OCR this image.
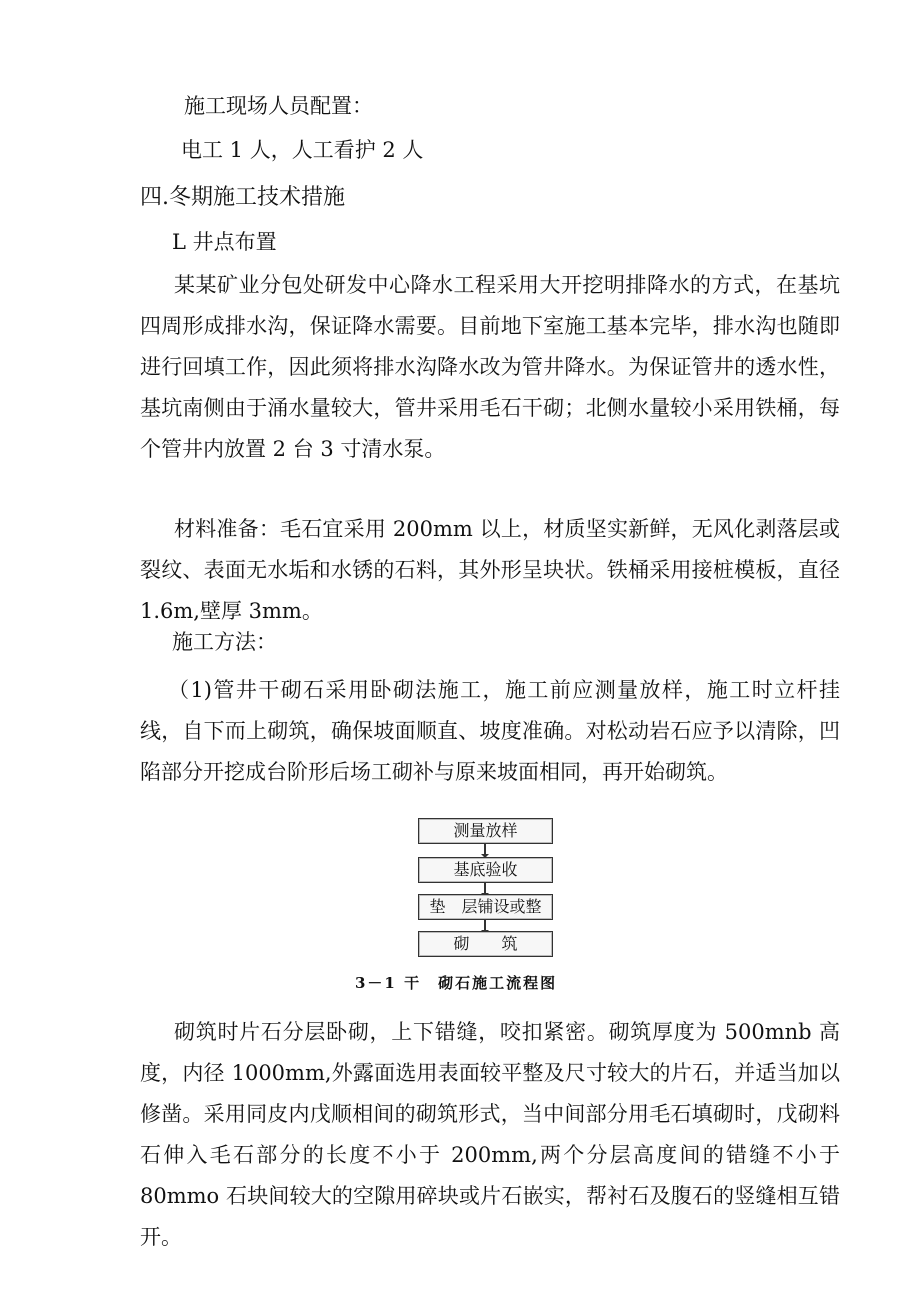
施工现场人员配置：
电工 1 人，人工看护 2 人
四.冬期施工技术措施
L 井点布置

某某矿业分包处研发中心降水工程采用大开挖明排降水的方式，在基坑四周形成排水沟，保证降水需要。目前地下室施工基本完毕，排水沟也随即进行回填工作，因此须将排水沟降水改为管井降水。为保证管井的透水性，基坑南侧由于涌水量较大，管井采用毛石干砌；北侧水量较小采用铁桶，每个管井内放置 2 台 3 寸清水泵。

材料准备：毛石宜采用 200mm 以上，材质坚实新鲜，无风化剥落层或裂纹、表面无水垢和水锈的石料，其外形呈块状。铁桶采用接桩模板，直径 1.6m,壁厚 3mm。

施工方法：

（1)管井干砌石采用卧砌法施工，施工前应测量放样，施工时立杆挂线，自下而上砌筑，确保坡面顺直、坡度准确。对松动岩石应予以清除，凹陷部分开挖成台阶形后场工砌补与原来坡面相同，再开始砌筑。

测量放样
基底验收
垫　层铺设或整
砌　　筑
3－1 干　砌石施工流程图

砌筑时片石分层卧砌，上下错缝，咬扣紧密。砌筑厚度为 500mnb 高度，内径 1000mm,外露面选用表面较平整及尺寸较大的片石，并适当加以修凿。采用同皮内戊顺相间的砌筑形式，当中间部分用毛石填砌时，戊砌料石伸入毛石部分的长度不小于 200mm,两个分层高度间的错缝不小于 80mmo 石块间较大的空隙用碎块或片石嵌实，帮衬石及腹石的竖缝相互错开。
